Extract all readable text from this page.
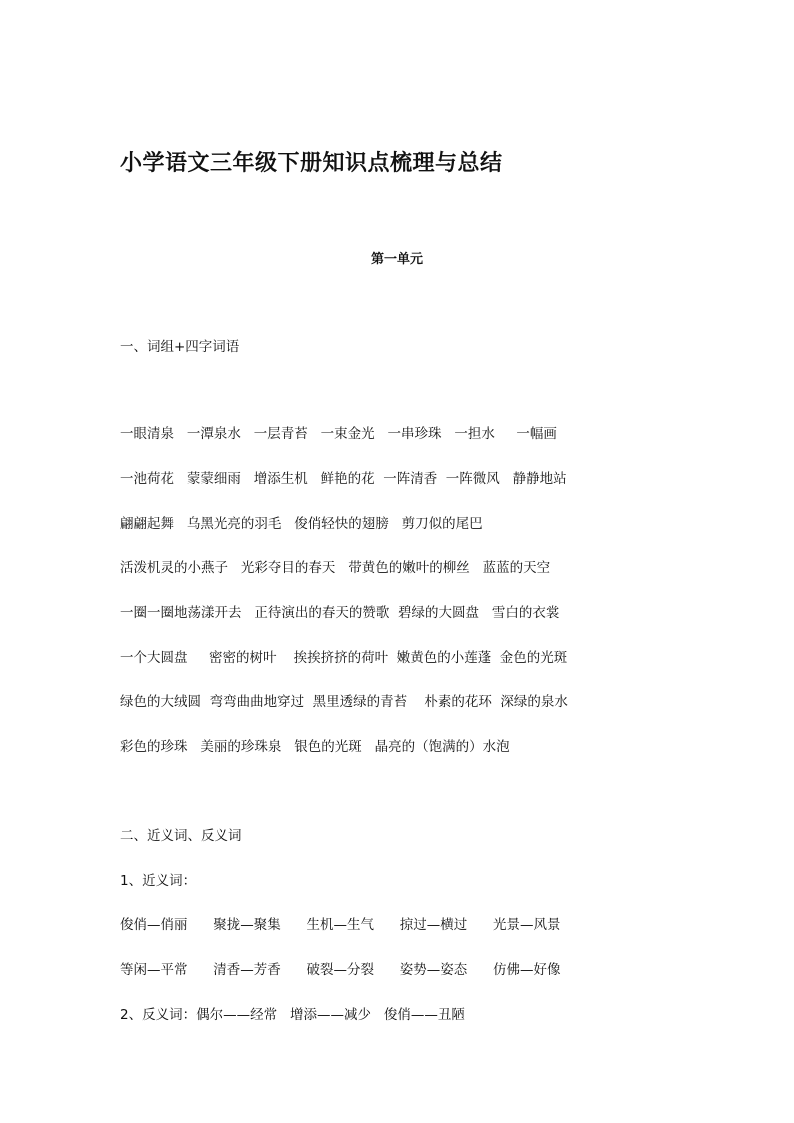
小学语文三年级下册知识点梳理与总结
第一单元
一、词组+四字词语
一眼清泉   一潭泉水   一层青苔   一束金光   一串珍珠   一担水     一幅画
一池荷花   蒙蒙细雨   增添生机   鲜艳的花  一阵清香  一阵微风   静静地站
翩翩起舞   乌黑光亮的羽毛   俊俏轻快的翅膀   剪刀似的尾巴
活泼机灵的小燕子   光彩夺目的春天   带黄色的嫩叶的柳丝   蓝蓝的天空
一圈一圈地荡漾开去   正待演出的春天的赞歌  碧绿的大圆盘   雪白的衣裳
一个大圆盘     密密的树叶    挨挨挤挤的荷叶  嫩黄色的小莲蓬  金色的光斑
绿色的大绒圆  弯弯曲曲地穿过  黑里透绿的青苔    朴素的花环  深绿的泉水
彩色的珍珠   美丽的珍珠泉   银色的光斑   晶亮的（饱满的）水泡
二、近义词、反义词
1、近义词：
俊俏—俏丽      聚拢—聚集      生机—生气      掠过—横过      光景—风景
等闲—平常      清香—芳香      破裂—分裂      姿势—姿态      仿佛—好像
2、反义词：偶尔——经常   增添——减少   俊俏——丑陋
